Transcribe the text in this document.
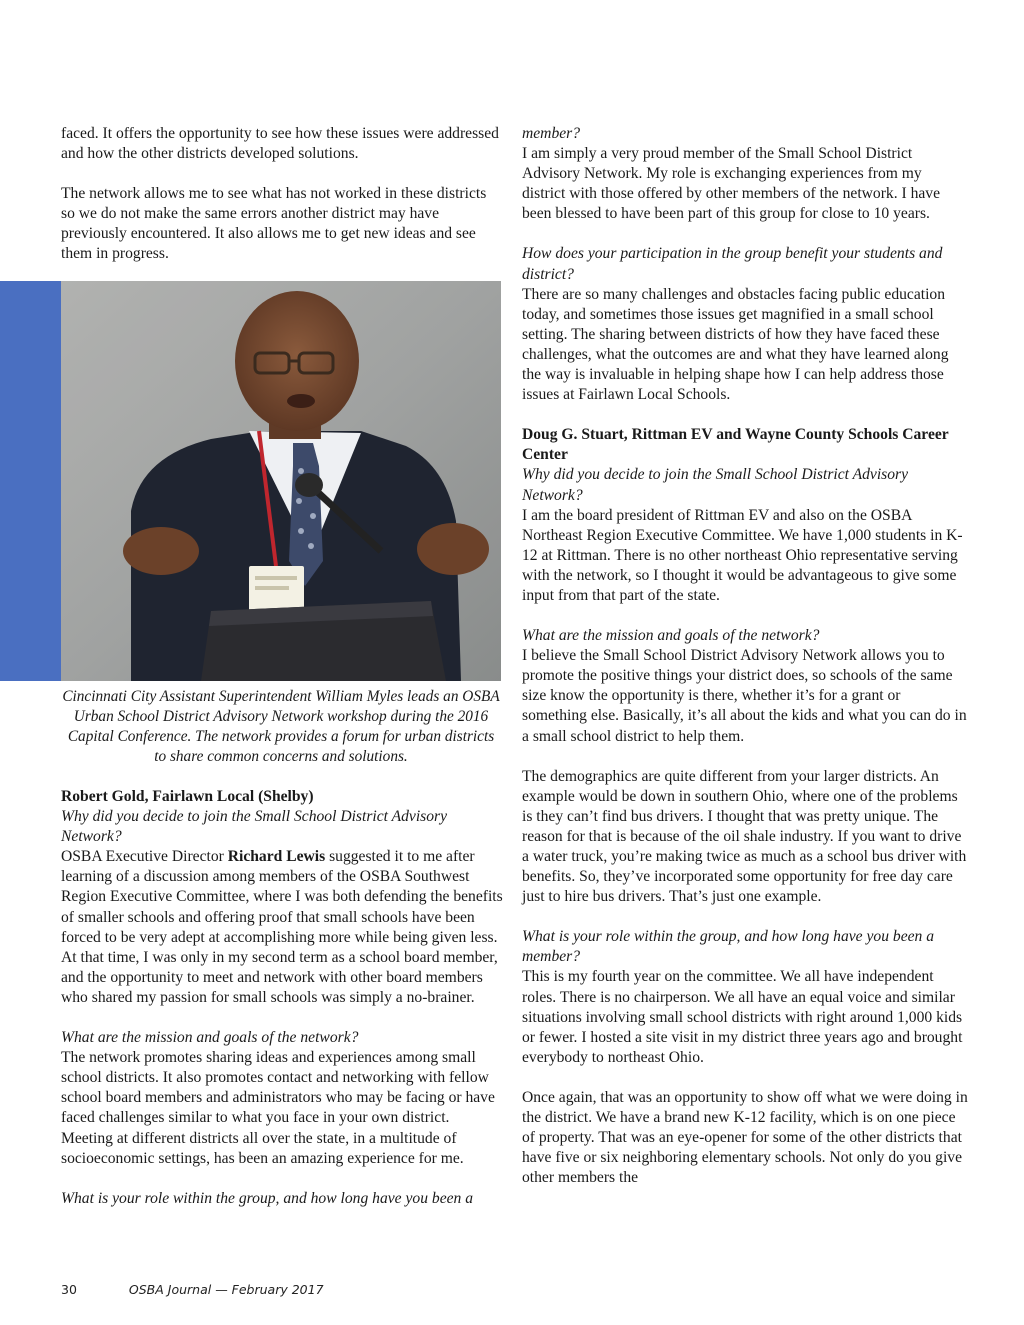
faced. It offers the opportunity to see how these issues were addressed and how the other districts developed solutions.

The network allows me to see what has not worked in these districts so we do not make the same errors another district may have previously encountered. It also allows me to get new ideas and see them in progress.

Cincinnati City Assistant Superintendent William Myles leads an OSBA Urban School District Advisory Network workshop during the 2016 Capital Conference. The network provides a forum for urban districts to share common concerns and solutions.

Robert Gold, Fairlawn Local (Shelby)

Why did you decide to join the Small School District Advisory Network?

OSBA Executive Director Richard Lewis suggested it to me after learning of a discussion among members of the OSBA Southwest Region Executive Committee, where I was both defending the benefits of smaller schools and offering proof that small schools have been forced to be very adept at accomplishing more while being given less. At that time, I was only in my second term as a school board member, and the opportunity to meet and network with other board members who shared my passion for small schools was simply a no-brainer.

What are the mission and goals of the network?

The network promotes sharing ideas and experiences among small school districts. It also promotes contact and networking with fellow school board members and administrators who may be facing or have faced challenges similar to what you face in your own district. Meeting at different districts all over the state, in a multitude of socioeconomic settings, has been an amazing experience for me.

What is your role within the group, and how long have you been a

member?

I am simply a very proud member of the Small School District Advisory Network. My role is exchanging experiences from my district with those offered by other members of the network. I have been blessed to have been part of this group for close to 10 years.

How does your participation in the group benefit your students and district?

There are so many challenges and obstacles facing public education today, and sometimes those issues get magnified in a small school setting. The sharing between districts of how they have faced these challenges, what the outcomes are and what they have learned along the way is invaluable in helping shape how I can help address those issues at Fairlawn Local Schools.

Doug G. Stuart, Rittman EV and Wayne County Schools Career Center

Why did you decide to join the Small School District Advisory Network?

I am the board president of Rittman EV and also on the OSBA Northeast Region Executive Committee. We have 1,000 students in K-12 at Rittman. There is no other northeast Ohio representative serving with the network, so I thought it would be advantageous to give some input from that part of the state.

What are the mission and goals of the network?

I believe the Small School District Advisory Network allows you to promote the positive things your district does, so schools of the same size know the opportunity is there, whether it’s for a grant or something else. Basically, it’s all about the kids and what you can do in a small school district to help them.

The demographics are quite different from your larger districts. An example would be down in southern Ohio, where one of the problems is they can’t find bus drivers. I thought that was pretty unique. The reason for that is because of the oil shale industry. If you want to drive a water truck, you’re making twice as much as a school bus driver with benefits. So, they’ve incorporated some opportunity for free day care just to hire bus drivers. That’s just one example.

What is your role within the group, and how long have you been a member?

This is my fourth year on the committee. We all have independent roles. There is no chairperson. We all have an equal voice and similar situations involving small school districts with right around 1,000 kids or fewer. I hosted a site visit in my district three years ago and brought everybody to northeast Ohio.

Once again, that was an opportunity to show off what we were doing in the district. We have a brand new K-12 facility, which is on one piece of property. That was an eye-opener for some of the other districts that have five or six neighboring elementary schools. Not only do you give other members the

30	OSBA Journal — February 2017
